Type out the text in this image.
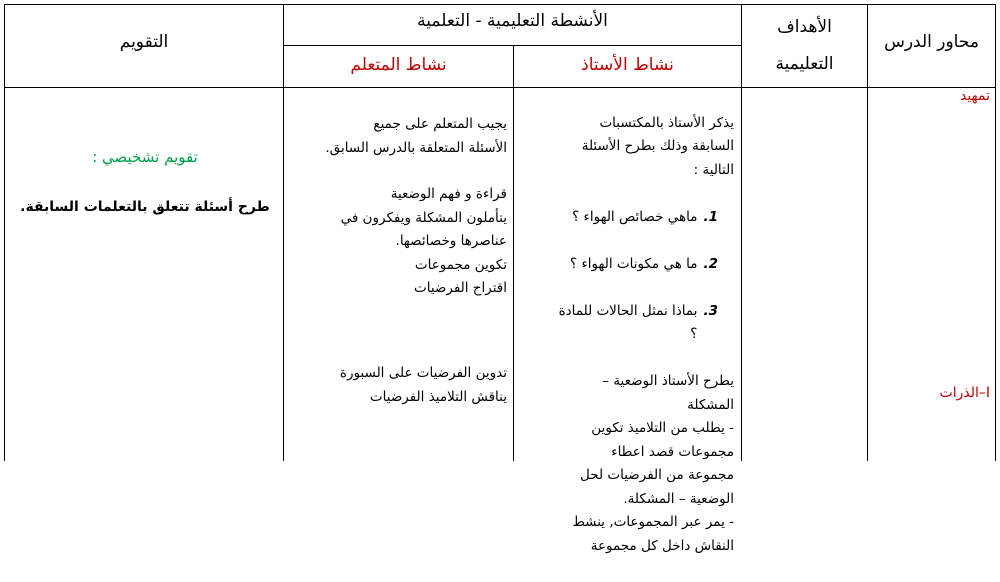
محاور الدرس
الأهداف
التعليمية
الأنشطة التعليمية - التعلمية
نشاط الأستاذ
نشاط المتعلم
التقويم
تمهيد
I–الذرات

يذكر الأستاذ بالمكتسبات
السابقة وذلك بطرح الأسئلة
التالية :

1.
ماهي خصائص الهواء ؟

2.
ما هي مكونات الهواء ؟

3.
بماذا نمثل الحالات للمادة
؟

يطرح الأستاذ الوضعية –
المشكلة
- يطلب من التلاميذ تكوين
مجموعات قصد اعطاء
مجموعة من الفرضيات لحل
الوضعية – المشكلة.
- يمر عبر المجموعات, ينشط
النقاش داخل كل مجموعة

يجيب المتعلم على جميع
الأسئلة المتعلقة بالدرس السابق.
قراءة و فهم الوضعية
يتأملون المشكلة ويفكرون في
عناصرها وخصائصها.
تكوين مجموعات
اقتراح الفرضيات
تدوين الفرضيات على السبورة
يناقش التلاميذ الفرضيات
تقويم تشخيصي :
طرح أسئلة تتعلق بالتعلمات السابقة.
